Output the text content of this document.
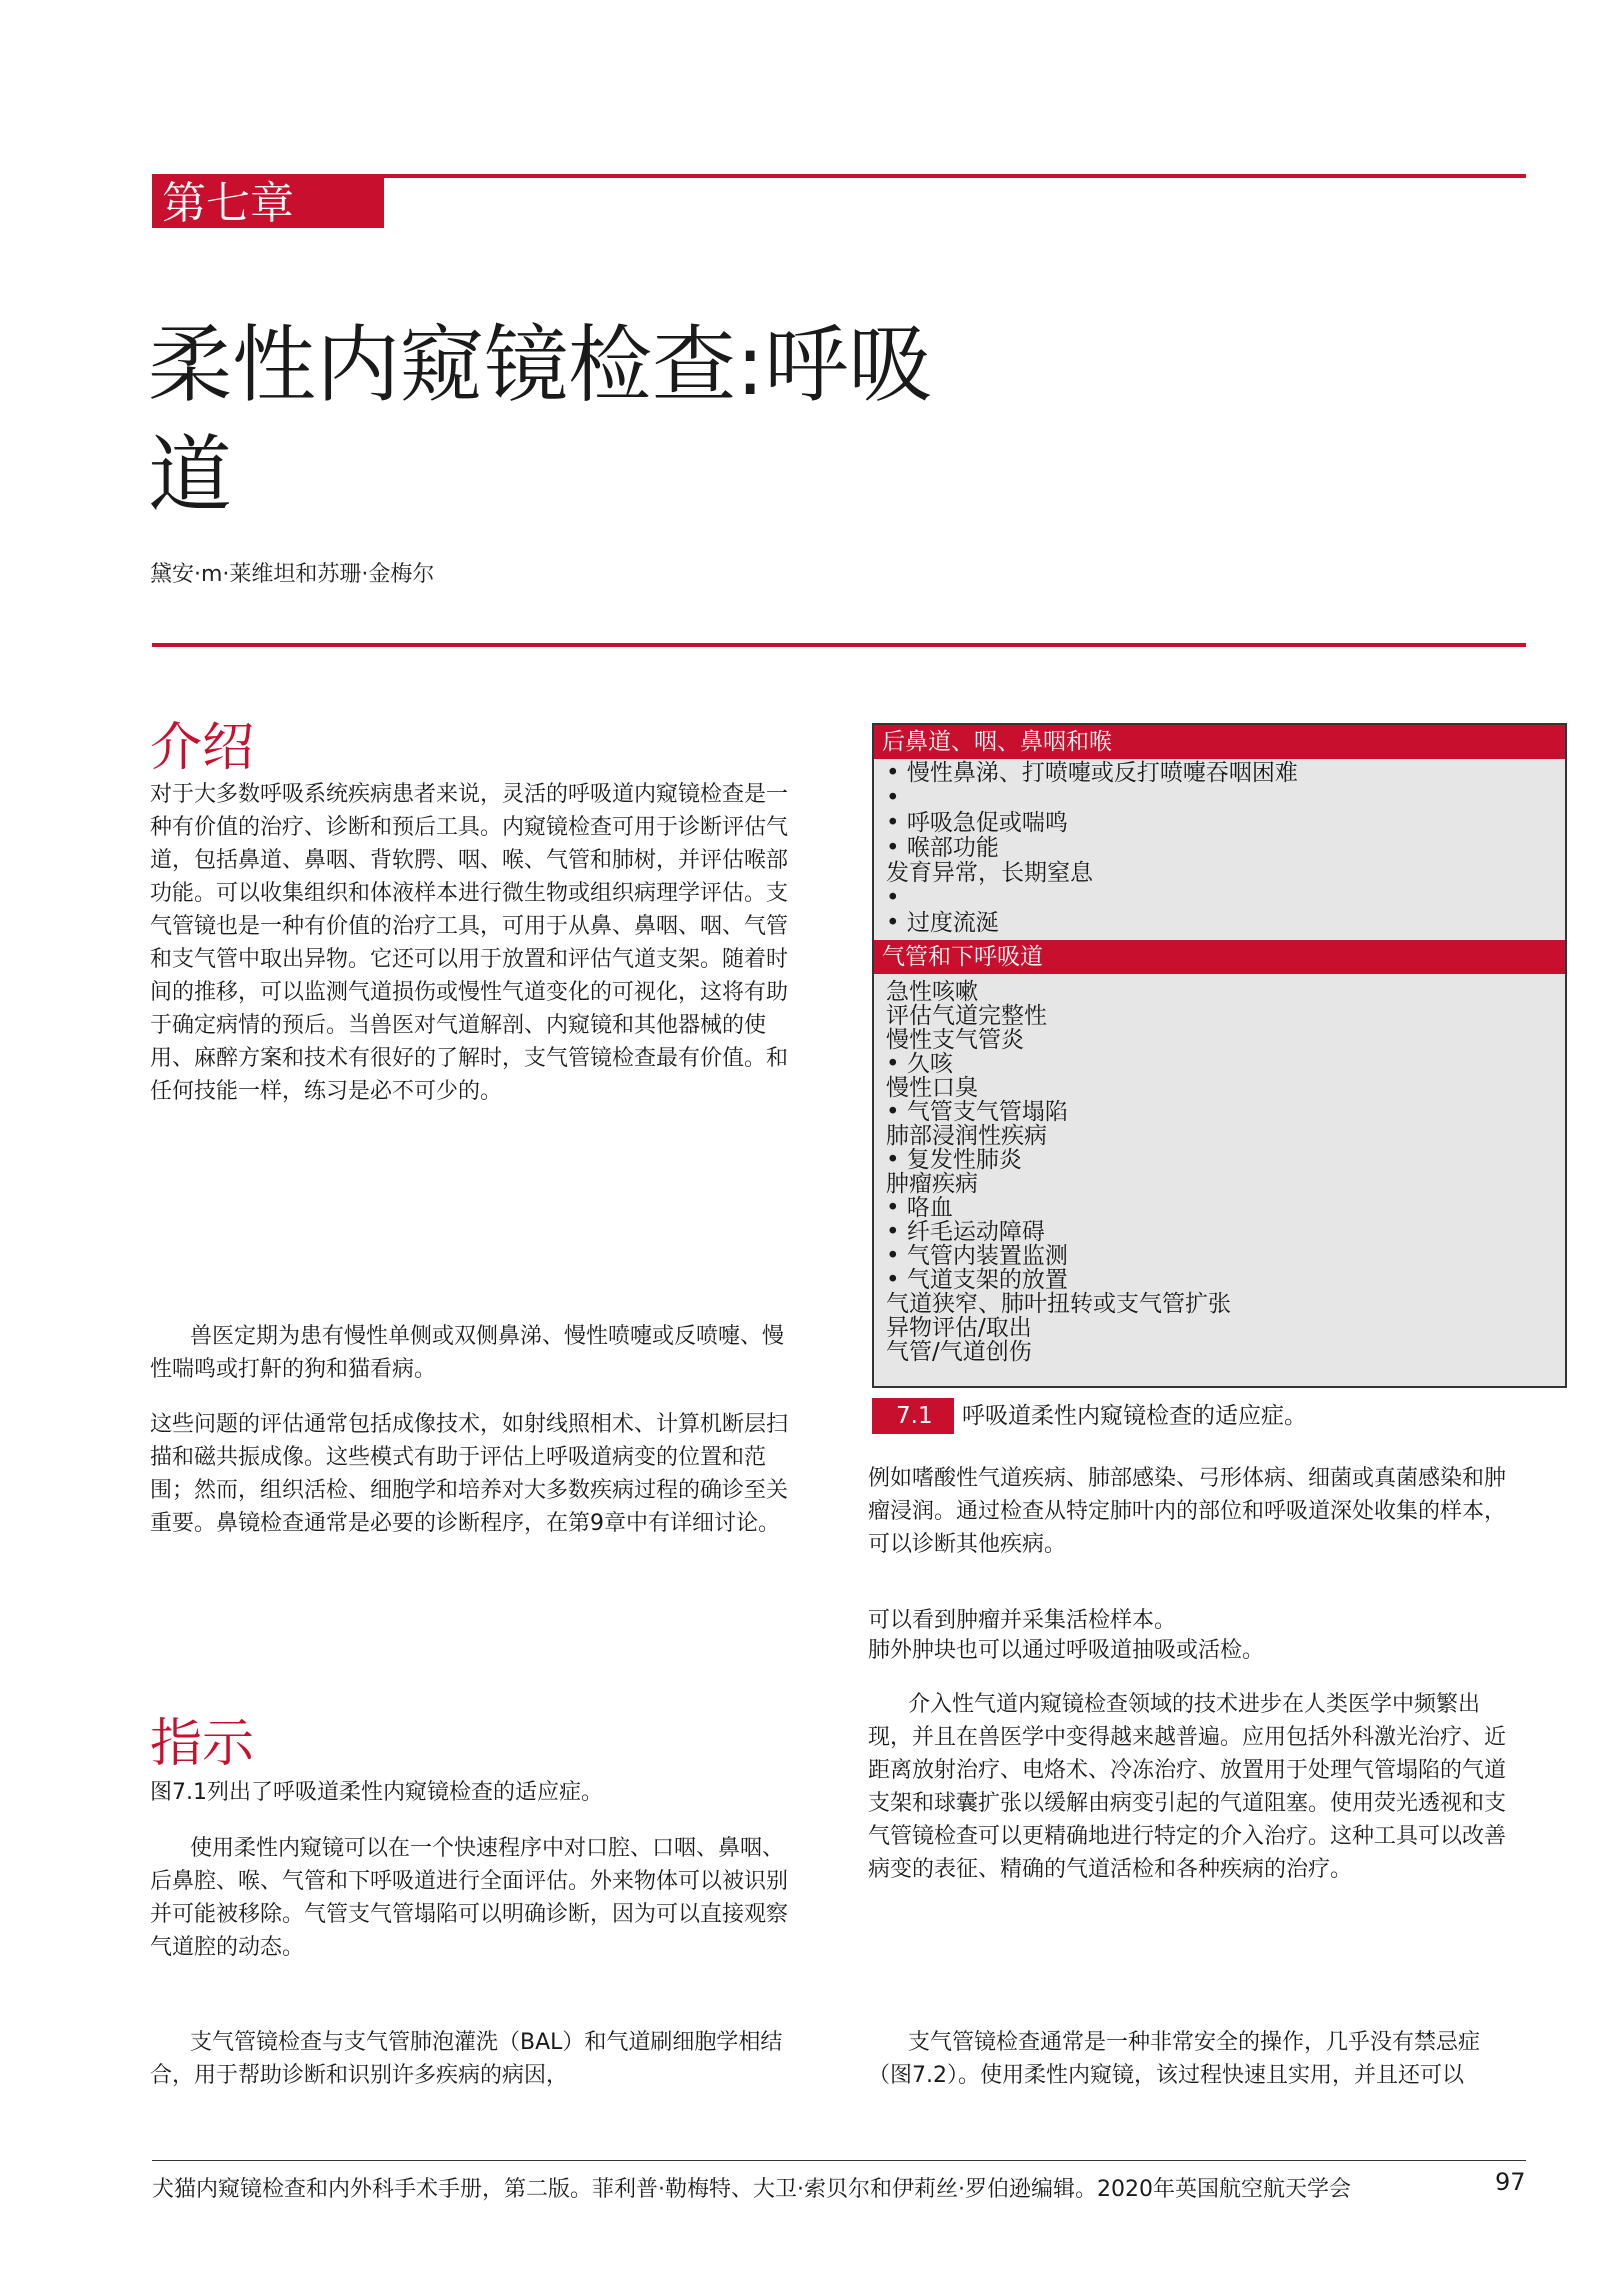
第七章
柔性内窥镜检查:呼吸
道
黛安·m·莱维坦和苏珊·金梅尔
介绍

对于大多数呼吸系统疾病患者来说，灵活的呼吸道内窥镜检查是一种有价值的治疗、诊断和预后工具。内窥镜检查可用于诊断评估气道，包括鼻道、鼻咽、背软腭、咽、喉、气管和肺树，并评估喉部功能。可以收集组织和体液样本进行微生物或组织病理学评估。支气管镜也是一种有价值的治疗工具，可用于从鼻、鼻咽、咽、气管和支气管中取出异物。它还可以用于放置和评估气道支架。随着时间的推移，可以监测气道损伤或慢性气道变化的可视化，这将有助于确定病情的预后。当兽医对气道解剖、内窥镜和其他器械的使用、麻醉方案和技术有很好的了解时，支气管镜检查最有价值。和任何技能一样，练习是必不可少的。

兽医定期为患有慢性单侧或双侧鼻涕、慢性喷嚏或反喷嚏、慢性喘鸣或打鼾的狗和猫看病。

这些问题的评估通常包括成像技术，如射线照相术、计算机断层扫描和磁共振成像。这些模式有助于评估上呼吸道病变的位置和范围；然而，组织活检、细胞学和培养对大多数疾病过程的确诊至关重要。鼻镜检查通常是必要的诊断程序，在第9章中有详细讨论。

指示

图7.1列出了呼吸道柔性内窥镜检查的适应症。

使用柔性内窥镜可以在一个快速程序中对口腔、口咽、鼻咽、后鼻腔、喉、气管和下呼吸道进行全面评估。外来物体可以被识别并可能被移除。气管支气管塌陷可以明确诊断，因为可以直接观察气道腔的动态。

支气管镜检查与支气管肺泡灌洗（BAL）和气道刷细胞学相结合，用于帮助诊断和识别许多疾病的病因，

后鼻道、咽、鼻咽和喉
• 慢性鼻涕、打喷嚏或反打喷嚏吞咽困难
•
• 呼吸急促或喘鸣
• 喉部功能
发育异常，长期窒息
•
• 过度流涎
气管和下呼吸道
急性咳嗽
评估气道完整性
慢性支气管炎
• 久咳
慢性口臭
• 气管支气管塌陷
肺部浸润性疾病
• 复发性肺炎
肿瘤疾病
• 咯血
• 纤毛运动障碍
• 气管内装置监测
• 气道支架的放置
气道狭窄、肺叶扭转或支气管扩张
异物评估/取出
气管/气道创伤
7.1	呼吸道柔性内窥镜检查的适应症。

例如嗜酸性气道疾病、肺部感染、弓形体病、细菌或真菌感染和肿瘤浸润。通过检查从特定肺叶内的部位和呼吸道深处收集的样本，可以诊断其他疾病。

可以看到肿瘤并采集活检样本。

肺外肿块也可以通过呼吸道抽吸或活检。

介入性气道内窥镜检查领域的技术进步在人类医学中频繁出现，并且在兽医学中变得越来越普遍。应用包括外科激光治疗、近距离放射治疗、电烙术、冷冻治疗、放置用于处理气管塌陷的气道支架和球囊扩张以缓解由病变引起的气道阻塞。使用荧光透视和支气管镜检查可以更精确地进行特定的介入治疗。这种工具可以改善病变的表征、精确的气道活检和各种疾病的治疗。

支气管镜检查通常是一种非常安全的操作，几乎没有禁忌症（图7.2）。使用柔性内窥镜，该过程快速且实用，并且还可以

犬猫内窥镜检查和内外科手术手册，第二版。菲利普·勒梅特、大卫·索贝尔和伊莉丝·罗伯逊编辑。2020年英国航空航天学会	97
